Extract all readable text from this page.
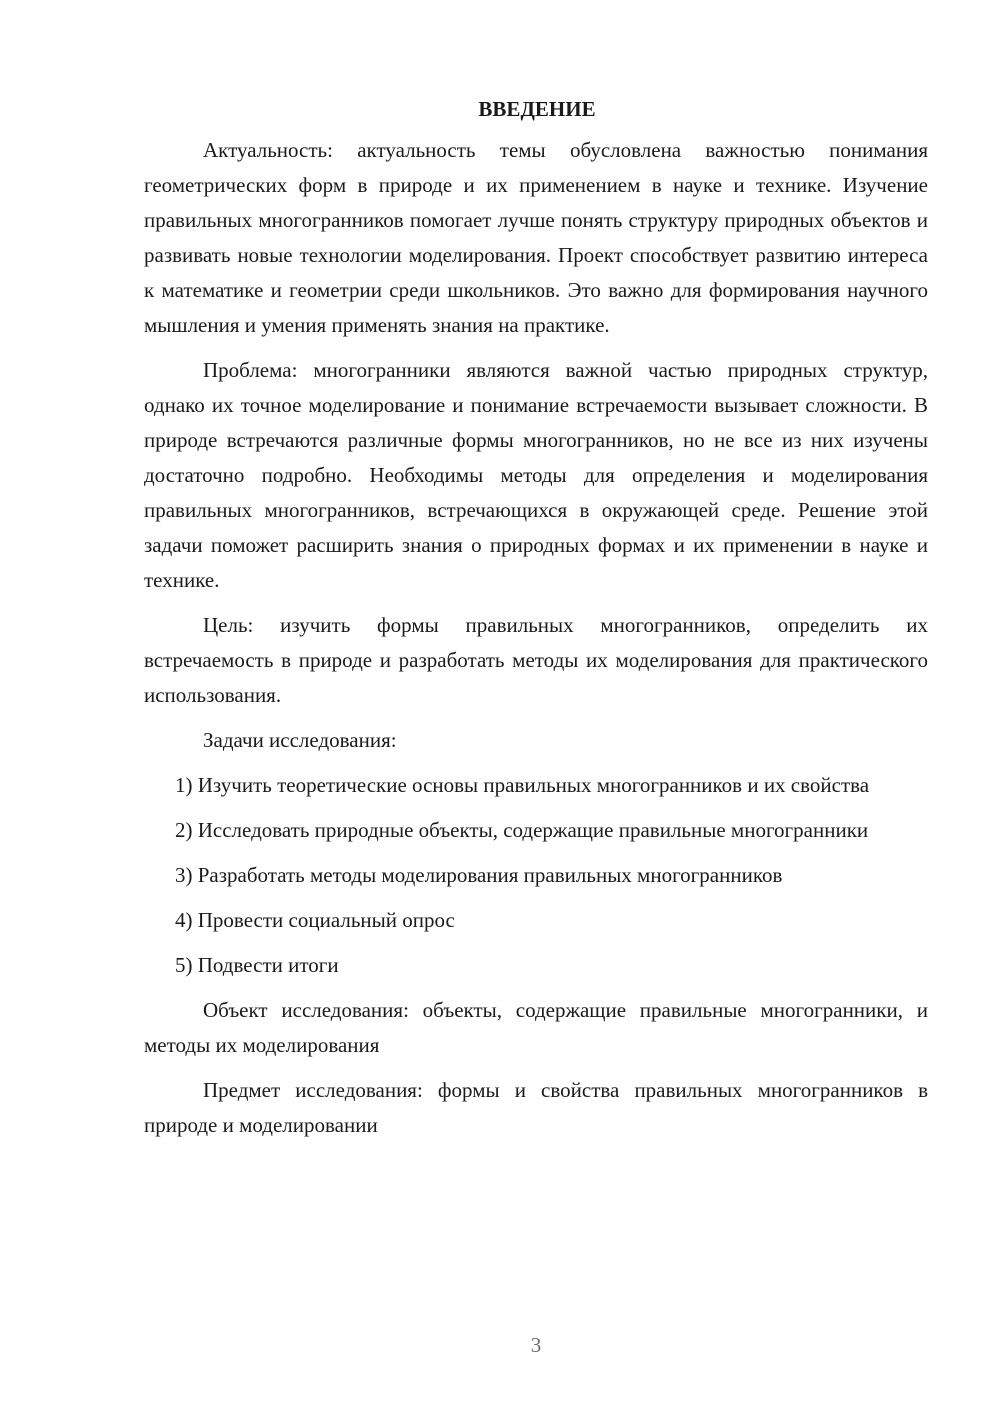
ВВЕДЕНИЕ

Актуальность: актуальность темы обусловлена важностью понимания геометрических форм в природе и их применением в науке и технике. Изучение правильных многогранников помогает лучше понять структуру природных объектов и развивать новые технологии моделирования. Проект способствует развитию интереса к математике и геометрии среди школьников. Это важно для формирования научного мышления и умения применять знания на практике.

Проблема: многогранники являются важной частью природных структур, однако их точное моделирование и понимание встречаемости вызывает сложности. В природе встречаются различные формы многогранников, но не все из них изучены достаточно подробно. Необходимы методы для определения и моделирования правильных многогранников, встречающихся в окружающей среде. Решение этой задачи поможет расширить знания о природных формах и их применении в науке и технике.

Цель: изучить формы правильных многогранников, определить их встречаемость в природе и разработать методы их моделирования для практического использования.

Задачи исследования:

1) Изучить теоретические основы правильных многогранников и их свойства

2) Исследовать природные объекты, содержащие правильные многогранники

3) Разработать методы моделирования правильных многогранников

4) Провести социальный опрос

5) Подвести итоги

Объект исследования: объекты, содержащие правильные многогранники, и методы их моделирования

Предмет исследования: формы и свойства правильных многогранников в природе и моделировании

3
